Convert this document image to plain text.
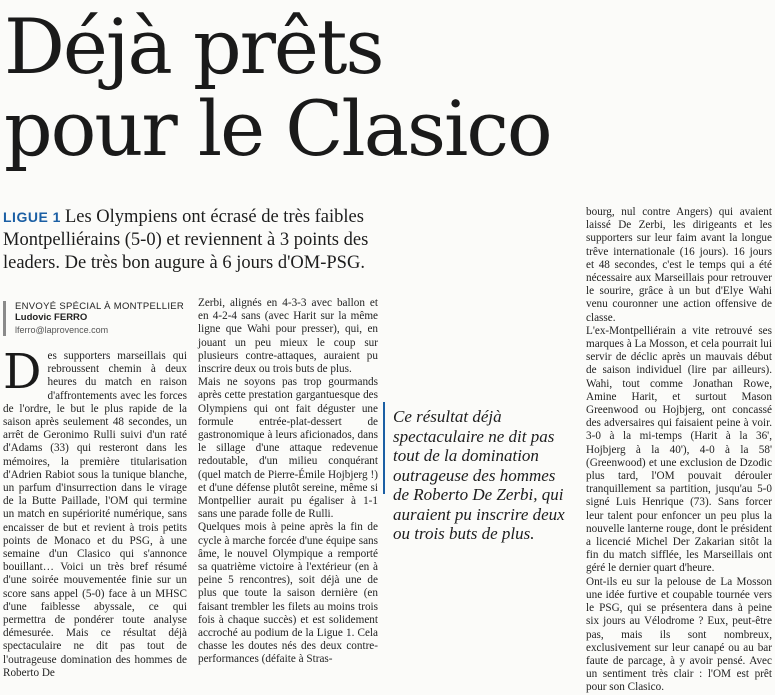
Déjà prêts
pour le Clasico
LIGUE 1 Les Olympiens ont écrasé de très faibles Montpelliérains (5-0) et reviennent à 3 points des leaders. De très bon augure à 6 jours d'OM-PSG.
ENVOYÉ SPÉCIAL À MONTPELLIER
Ludovic FERRO
lferro@laprovence.com

Des supporters marseillais qui rebroussent chemin à deux heures du match en raison d'affrontements avec les forces de l'ordre, le but le plus rapide de la saison après seulement 48 secondes, un arrêt de Geronimo Rulli suivi d'un raté d'Adams (33) qui resteront dans les mémoires, la première titularisation d'Adrien Rabiot sous la tunique blanche, un parfum d'insurrection dans le virage de la Butte Paillade, l'OM qui termine un match en supériorité numérique, sans encaisser de but et revient à trois petits points de Monaco et du PSG, à une semaine d'un Clasico qui s'annonce bouillant… Voici un très bref résumé d'une soirée mouvementée finie sur un score sans appel (5-0) face à un MHSC d'une faiblesse abyssale, ce qui permettra de pondérer toute analyse démesurée. Mais ce résultat déjà spectaculaire ne dit pas tout de l'outrageuse domination des hommes de Roberto De

Zerbi, alignés en 4-3-3 avec ballon et en 4-2-4 sans (avec Harit sur la même ligne que Wahi pour presser), qui, en jouant un peu mieux le coup sur plusieurs contre-attaques, auraient pu inscrire deux ou trois buts de plus.

Mais ne soyons pas trop gourmands après cette prestation gargantuesque des Olympiens qui ont fait déguster une formule entrée-plat-dessert de gastronomique à leurs aficionados, dans le sillage d'une attaque redevenue redoutable, d'un milieu conquérant (quel match de Pierre-Émile Hojbjerg !) et d'une défense plutôt sereine, même si Montpellier aurait pu égaliser à 1-1 sans une parade folle de Rulli.

Quelques mois à peine après la fin de cycle à marche forcée d'une équipe sans âme, le nouvel Olympique a remporté sa quatrième victoire à l'extérieur (en à peine 5 rencontres), soit déjà une de plus que toute la saison dernière (en faisant trembler les filets au moins trois fois à chaque succès) et est solidement accroché au podium de la Ligue 1. Cela chasse les doutes nés des deux contre-performances (défaite à Stras-

Ce résultat déjà spectaculaire ne dit pas tout de la domination outrageuse des hommes de Roberto De Zerbi, qui auraient pu inscrire deux ou trois buts de plus.

bourg, nul contre Angers) qui avaient laissé De Zerbi, les dirigeants et les supporters sur leur faim avant la longue trêve internationale (16 jours). 16 jours et 48 secondes, c'est le temps qui a été nécessaire aux Marseillais pour retrouver le sourire, grâce à un but d'Elye Wahi venu couronner une action offensive de classe.

L'ex-Montpelliérain a vite retrouvé ses marques à La Mosson, et cela pourrait lui servir de déclic après un mauvais début de saison individuel (lire par ailleurs). Wahi, tout comme Jonathan Rowe, Amine Harit, et surtout Mason Greenwood ou Hojbjerg, ont concassé des adversaires qui faisaient peine à voir. 3-0 à la mi-temps (Harit à la 36', Hojbjerg à la 40'), 4-0 à la 58' (Greenwood) et une exclusion de Dzodic plus tard, l'OM pouvait dérouler tranquillement sa partition, jusqu'au 5-0 signé Luis Henrique (73). Sans forcer leur talent pour enfoncer un peu plus la nouvelle lanterne rouge, dont le président a licencié Michel Der Zakarian sitôt la fin du match sifflée, les Marseillais ont géré le dernier quart d'heure.

Ont-ils eu sur la pelouse de La Mosson une idée furtive et coupable tournée vers le PSG, qui se présentera dans à peine six jours au Vélodrome ? Eux, peut-être pas, mais ils sont nombreux, exclusivement sur leur canapé ou au bar faute de parcage, à y avoir pensé. Avec un sentiment très clair : l'OM est prêt pour son Clasico.
